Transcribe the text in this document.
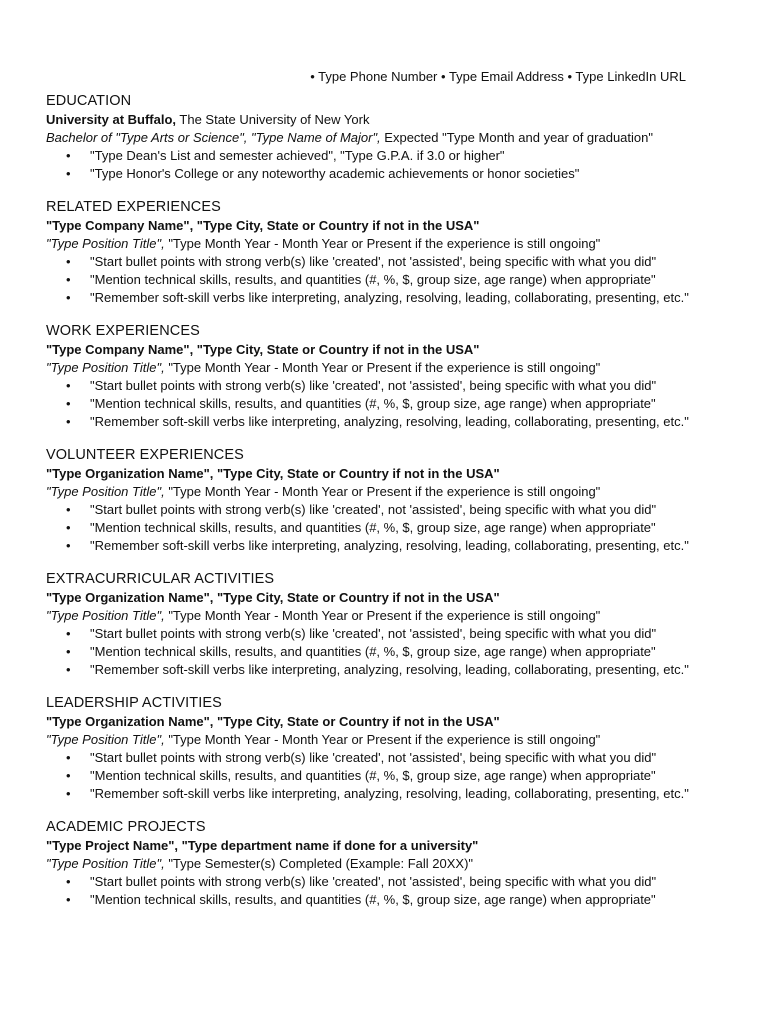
• Type Phone Number • Type Email Address • Type LinkedIn URL
EDUCATION

University at Buffalo, The State University of New York

Bachelor of "Type Arts or Science", "Type Name of Major", Expected "Type Month and year of graduation"

• "Type Dean's List and semester achieved", "Type G.P.A. if 3.0 or higher"
• "Type Honor's College or any noteworthy academic achievements or honor societies"
RELATED EXPERIENCES

"Type Company Name", "Type City, State or Country if not in the USA"

"Type Position Title", "Type Month Year - Month Year or Present if the experience is still ongoing"

• "Start bullet points with strong verb(s) like 'created', not 'assisted', being specific with what you did"
• "Mention technical skills, results, and quantities (#, %, $, group size, age range) when appropriate"
• "Remember soft-skill verbs like interpreting, analyzing, resolving, leading, collaborating, presenting, etc."
WORK EXPERIENCES

"Type Company Name", "Type City, State or Country if not in the USA"

"Type Position Title", "Type Month Year - Month Year or Present if the experience is still ongoing"

• "Start bullet points with strong verb(s) like 'created', not 'assisted', being specific with what you did"
• "Mention technical skills, results, and quantities (#, %, $, group size, age range) when appropriate"
• "Remember soft-skill verbs like interpreting, analyzing, resolving, leading, collaborating, presenting, etc."
VOLUNTEER EXPERIENCES

"Type Organization Name", "Type City, State or Country if not in the USA"

"Type Position Title", "Type Month Year - Month Year or Present if the experience is still ongoing"

• "Start bullet points with strong verb(s) like 'created', not 'assisted', being specific with what you did"
• "Mention technical skills, results, and quantities (#, %, $, group size, age range) when appropriate"
• "Remember soft-skill verbs like interpreting, analyzing, resolving, leading, collaborating, presenting, etc."
EXTRACURRICULAR ACTIVITIES

"Type Organization Name", "Type City, State or Country if not in the USA"

"Type Position Title", "Type Month Year - Month Year or Present if the experience is still ongoing"

• "Start bullet points with strong verb(s) like 'created', not 'assisted', being specific with what you did"
• "Mention technical skills, results, and quantities (#, %, $, group size, age range) when appropriate"
• "Remember soft-skill verbs like interpreting, analyzing, resolving, leading, collaborating, presenting, etc."
LEADERSHIP ACTIVITIES

"Type Organization Name", "Type City, State or Country if not in the USA"

"Type Position Title", "Type Month Year - Month Year or Present if the experience is still ongoing"

• "Start bullet points with strong verb(s) like 'created', not 'assisted', being specific with what you did"
• "Mention technical skills, results, and quantities (#, %, $, group size, age range) when appropriate"
• "Remember soft-skill verbs like interpreting, analyzing, resolving, leading, collaborating, presenting, etc."
ACADEMIC PROJECTS

"Type Project Name", "Type department name if done for a university"

"Type Position Title", "Type Semester(s) Completed (Example: Fall 20XX)"

• "Start bullet points with strong verb(s) like 'created', not 'assisted', being specific with what you did"
• "Mention technical skills, results, and quantities (#, %, $, group size, age range) when appropriate"
